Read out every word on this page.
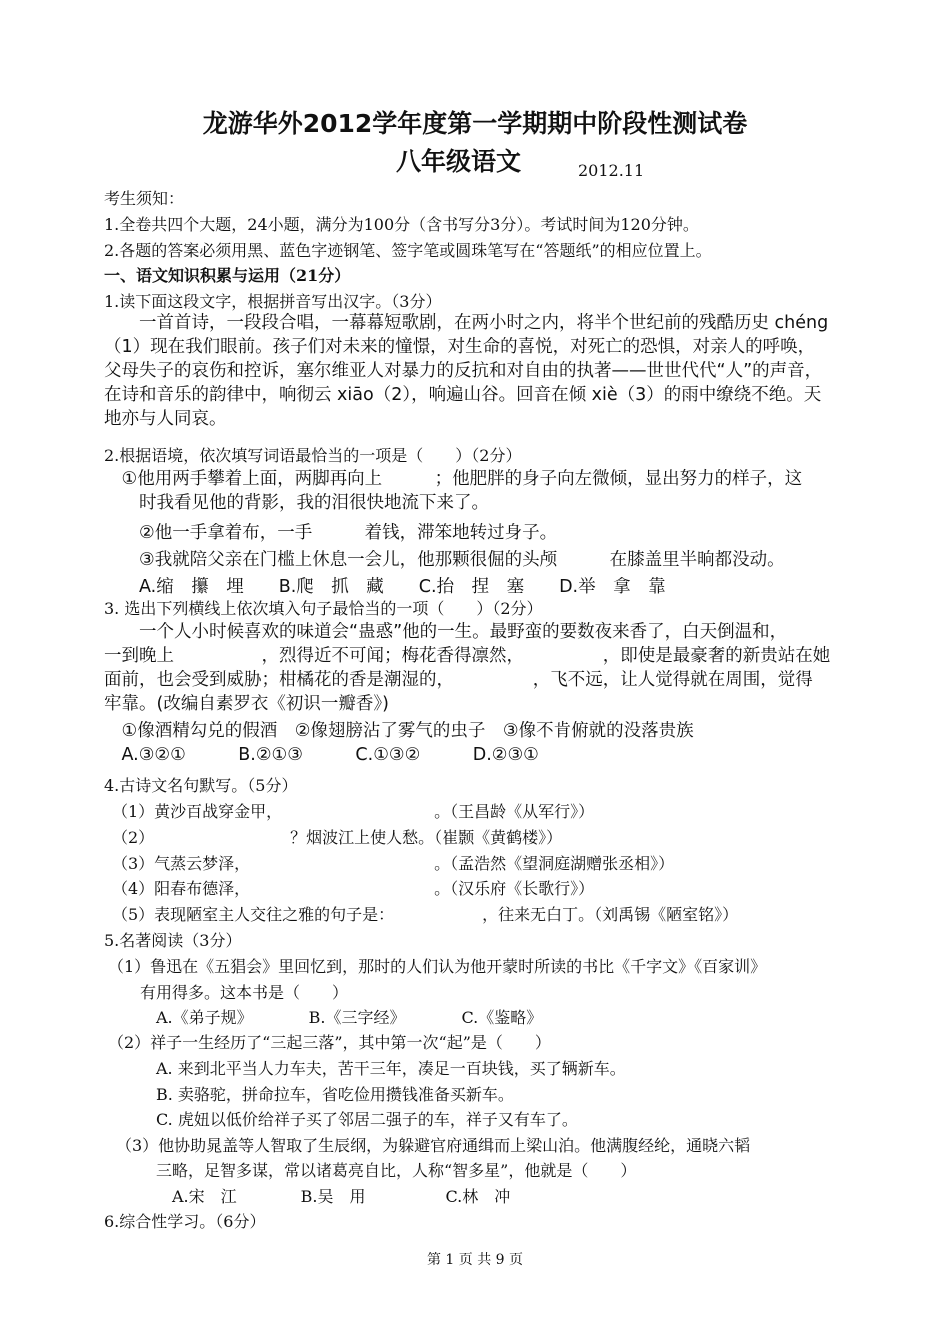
龙游华外2012学年度第一学期期中阶段性测试卷
八年级语文	2012.11
考生须知：
1.全卷共四个大题，24小题，满分为100分（含书写分3分）。考试时间为120分钟。
2.各题的答案必须用黑、蓝色字迹钢笔、签字笔或圆珠笔写在“答题纸”的相应位置上。
一、语文知识积累与运用（21分）
1.读下面这段文字，根据拼音写出汉字。（3分）
　　一首首诗，一段段合唱，一幕幕短歌剧，在两小时之内，将半个世纪前的残酷历史 chéng
（1）现在我们眼前。孩子们对未来的憧憬，对生命的喜悦，对死亡的恐惧，对亲人的呼唤，
父母失子的哀伤和控诉，塞尔维亚人对暴力的反抗和对自由的执著——世世代代“人”的声音，
在诗和音乐的韵律中，响彻云 xiāo（2），响遍山谷。回音在倾 xiè（3）的雨中缭绕不绝。天
地亦与人同哀。
2.根据语境，依次填写词语最恰当的一项是（　　）（2分）
　①他用两手攀着上面，两脚再向上　　　；他肥胖的身子向左微倾，显出努力的样子，这
　　时我看见他的背影，我的泪很快地流下来了。
　　②他一手拿着布，一手　　　着钱，滞笨地转过身子。
　　③我就陪父亲在门槛上休息一会儿，他那颗很倔的头颅　　　在膝盖里半晌都没动。
　　A.缩　攥　埋　　B.爬　抓　藏　　C.抬　捏　塞　　D.举　拿　靠
3. 选出下列横线上依次填入句子最恰当的一项（　　）（2分）
　　一个人小时候喜欢的味道会“蛊惑”他的一生。最野蛮的要数夜来香了，白天倒温和，
一到晚上　　　　　，烈得近不可闻；梅花香得凛然，　　　　　，即使是最豪奢的新贵站在她
面前，也会受到威胁；柑橘花的香是潮湿的，　　　　　，飞不远，让人觉得就在周围，觉得
牢靠。(改编自素罗衣《初识一瓣香》)
　①像酒精勾兑的假酒　②像翅膀沾了雾气的虫子　③像不肯俯就的没落贵族
　A.③②①　　　B.②①③　　　C.①③②　　　D.②③①
4.古诗文名句默写。（5分）
（1）黄沙百战穿金甲，　　　　　　　　　　。（王昌龄《从军行》）
（2）　　　　　　　　　？烟波江上使人愁。（崔颢《黄鹤楼》）
（3）气蒸云梦泽，　　　　　　　　　　　　。（孟浩然《望洞庭湖赠张丞相》）
（4）阳春布德泽，　　　　　　　　　　　　。（汉乐府《长歌行》）
（5）表现陋室主人交往之雅的句子是：　　　　　　，往来无白丁。（刘禹锡《陋室铭》）
5.名著阅读（3分）
（1）鲁迅在《五猖会》里回忆到，那时的人们认为他开蒙时所读的书比《千字文》《百家训》
　　有用得多。这本书是（　　）
　　　A.《弟子规》　　　　B.《三字经》　　　　C.《鉴略》
（2）祥子一生经历了“三起三落”，其中第一次“起”是（　　）
　　　A. 来到北平当人力车夫，苦干三年，凑足一百块钱，买了辆新车。
　　　B. 卖骆驼，拼命拉车，省吃俭用攒钱准备买新车。
　　　C. 虎妞以低价给祥子买了邻居二强子的车，祥子又有车了。
　（3）他协助晁盖等人智取了生辰纲，为躲避官府通缉而上梁山泊。他满腹经纶，通晓六韬
　　　三略，足智多谋，常以诸葛亮自比，人称“智多星”，他就是（　　）
　　　　A.宋　江　　　　B.吴　用　　　　　C.林　冲
6.综合性学习。（6分）
第 1 页 共 9 页
